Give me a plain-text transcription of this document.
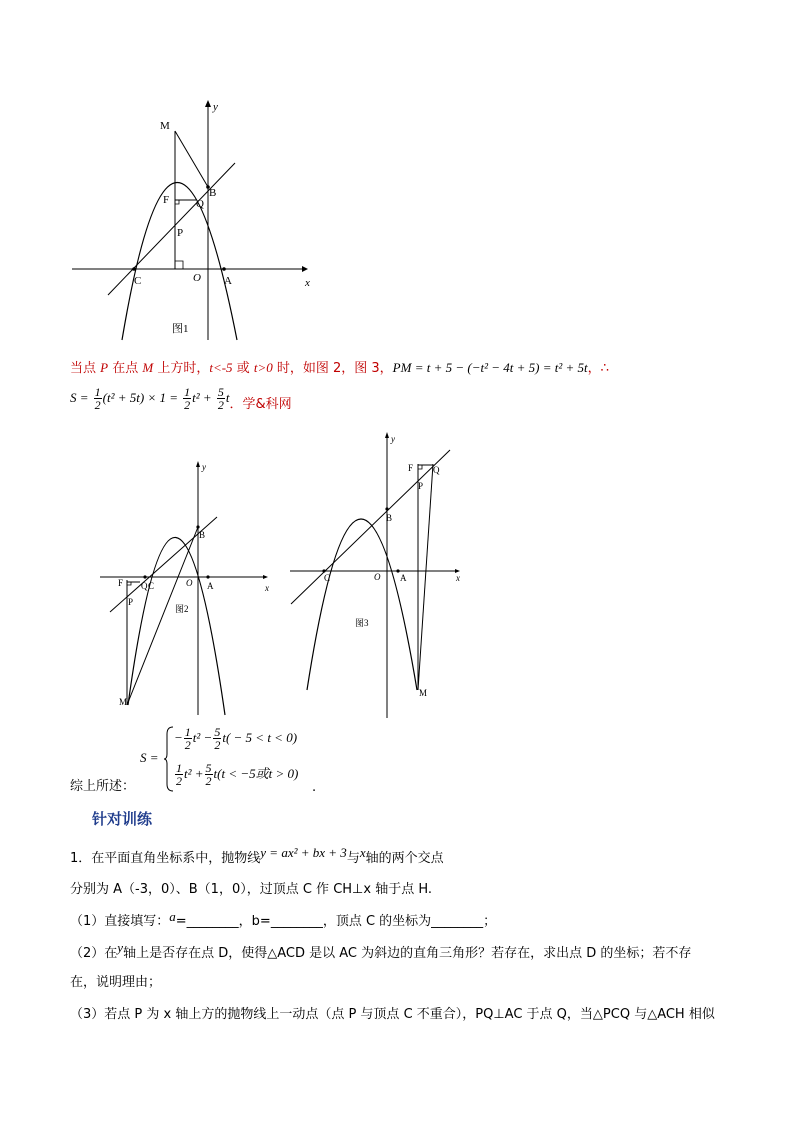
M
F Q
P
B
C	O A	x
y
图1
当点 P 在点 M 上方时，t<-5 或 t>0 时，如图 2，图 3，PM = t + 5 − (−t² − 4t + 5) = t² + 5t，∴
$S = \frac{1}{2} (t^2 + 5t) \times 1 = \frac{1}{2} t^2 + \frac{5}{2}$ t．学&科网
F Q C
P
O A
B
M
x
y
图2
F Q
P
B
C	O A
M
x
y
图3
综上所述：
S =
− $\frac{1}{2} t^2 - \frac{5}{2} t( - 5 < t < 0)$
$\frac{1}{2} t^2 + \frac{5}{2} t(t < -5$或t > 0)
.
针对训练
1．在平面直角坐标系中，抛物线y = ax² + bx + 3与x轴的两个交点
分别为 A（-3，0）、B（1，0），过顶点 C 作 CH⊥x 轴于点 H.
（1）直接填写：a=________，b=________，顶点 C 的坐标为________；
（2）在y轴上是否存在点 D，使得△ACD 是以 AC 为斜边的直角三角形？若存在，求出点 D 的坐标；若不存
在，说明理由；
（3）若点 P 为 x 轴上方的抛物线上一动点（点 P 与顶点 C 不重合），PQ⊥AC 于点 Q，当△PCQ 与△ACH 相似
